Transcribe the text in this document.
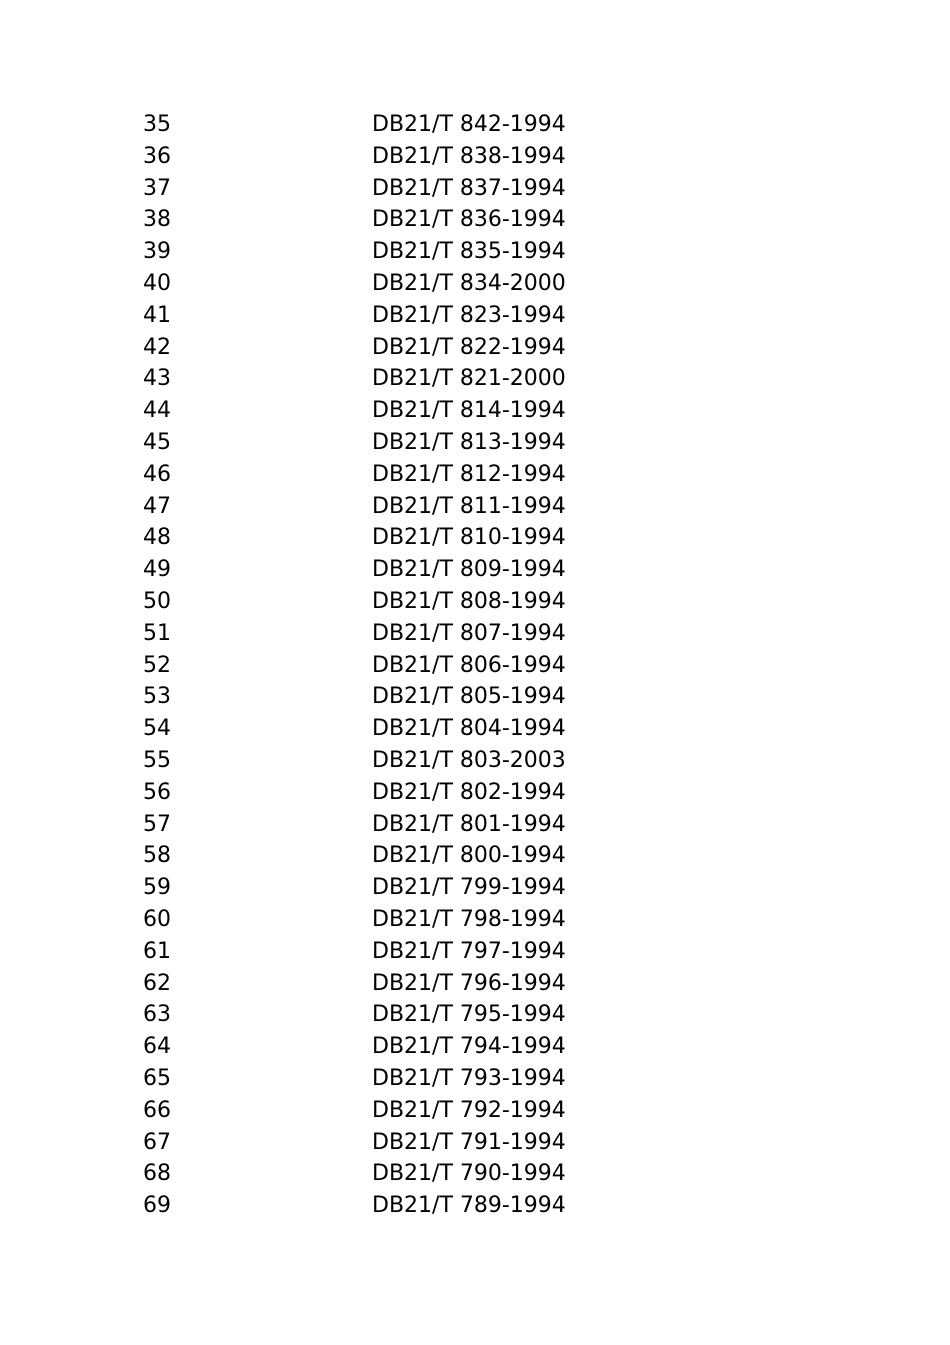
35	DB21/T 842-1994
36	DB21/T 838-1994
37	DB21/T 837-1994
38	DB21/T 836-1994
39	DB21/T 835-1994
40	DB21/T 834-2000
41	DB21/T 823-1994
42	DB21/T 822-1994
43	DB21/T 821-2000
44	DB21/T 814-1994
45	DB21/T 813-1994
46	DB21/T 812-1994
47	DB21/T 811-1994
48	DB21/T 810-1994
49	DB21/T 809-1994
50	DB21/T 808-1994
51	DB21/T 807-1994
52	DB21/T 806-1994
53	DB21/T 805-1994
54	DB21/T 804-1994
55	DB21/T 803-2003
56	DB21/T 802-1994
57	DB21/T 801-1994
58	DB21/T 800-1994
59	DB21/T 799-1994
60	DB21/T 798-1994
61	DB21/T 797-1994
62	DB21/T 796-1994
63	DB21/T 795-1994
64	DB21/T 794-1994
65	DB21/T 793-1994
66	DB21/T 792-1994
67	DB21/T 791-1994
68	DB21/T 790-1994
69	DB21/T 789-1994
